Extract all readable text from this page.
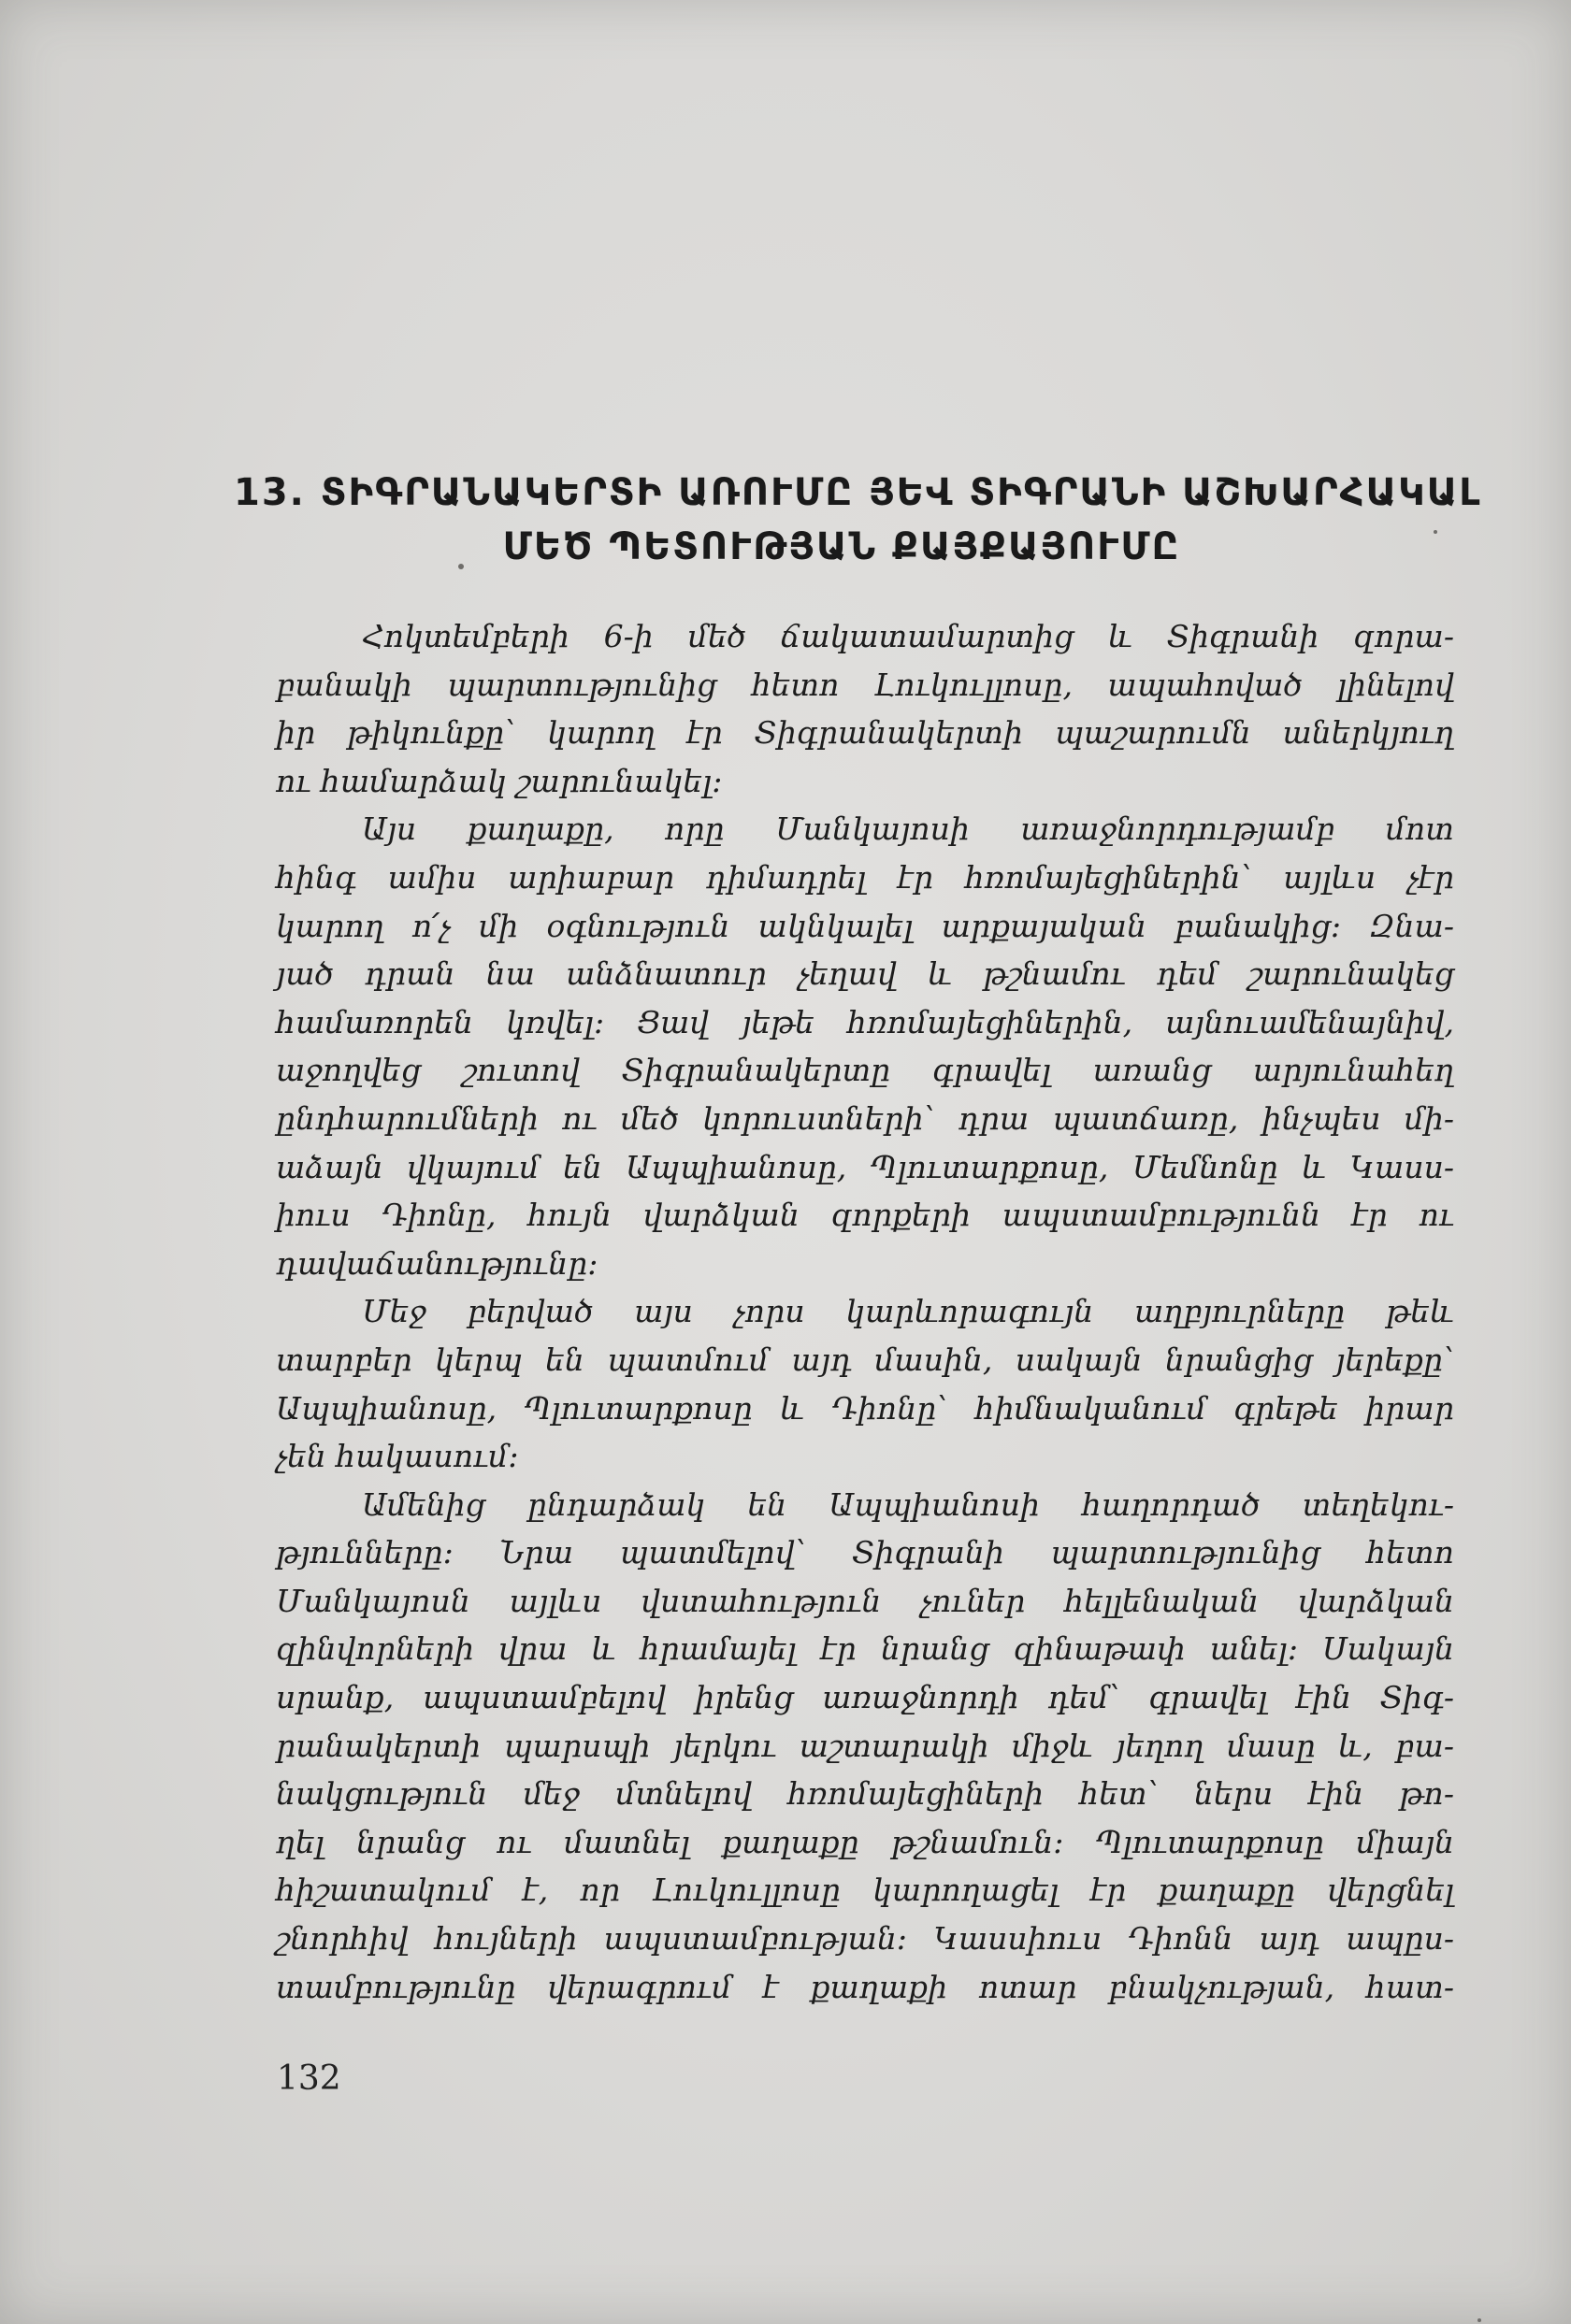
13. ՏԻԳՐԱՆԱԿԵՐՏԻ ԱՌՈՒՄԸ ՅԵՎ ՏԻԳՐԱՆԻ ԱՇԽԱՐՀԱԿԱԼ
ՄԵԾ ՊԵՏՈՒԹՅԱՆ ՔԱՅՔԱՅՈՒՄԸ
Հոկտեմբերի 6-ի մեծ ճակատամարտից և Տիգրանի զորա-
բանակի պարտությունից հետո Լուկուլլոսը, ապահոված լինելով
իր թիկունքը՝ կարող էր Տիգրանակերտի պաշարումն աներկյուղ
ու համարձակ շարունակել։
Այս քաղաքը, որը Մանկայոսի առաջնորդությամբ մոտ
հինգ ամիս արիաբար դիմադրել էր հռոմայեցիներին՝ այլևս չէր
կարող ո՛չ մի օգնություն ակնկալել արքայական բանակից։ Զնա-
յած դրան նա անձնատուր չեղավ և թշնամու դեմ շարունակեց
համառորեն կռվել։ Ցավ յեթե հռոմայեցիներին, այնուամենայնիվ,
աջողվեց շուտով Տիգրանակերտը գրավել առանց արյունահեղ
ընդհարումների ու մեծ կորուստների՝ դրա պատճառը, ինչպես մի-
աձայն վկայում են Ապպիանոսը, Պլուտարքոսը, Մեմնոնը և Կասս-
իուս Դիոնը, հույն վարձկան զորքերի ապստամբությունն էր ու
դավաճանությունը։
Մեջ բերված այս չորս կարևորագույն աղբյուրները թեև
տարբեր կերպ են պատմում այդ մասին, սակայն նրանցից յերեքը՝
Ապպիանոսը, Պլուտարքոսը և Դիոնը՝ հիմնականում գրեթե իրար
չեն հակասում։
Ամենից ընդարձակ են Ապպիանոսի հաղորդած տեղեկու-
թյունները։ Նրա պատմելով՝ Տիգրանի պարտությունից հետո
Մանկայոսն այլևս վստահություն չուներ հելլենական վարձկան
զինվորների վրա և հրամայել էր նրանց զինաթափ անել։ Սակայն
սրանք, ապստամբելով իրենց առաջնորդի դեմ՝ գրավել էին Տիգ-
րանակերտի պարսպի յերկու աշտարակի միջև յեղող մասը և, բա-
նակցություն մեջ մտնելով հռոմայեցիների հետ՝ ներս էին թո-
ղել նրանց ու մատնել քաղաքը թշնամուն։ Պլուտարքոսը միայն
հիշատակում է, որ Լուկուլլոսը կարողացել էր քաղաքը վերցնել
շնորհիվ հույների ապստամբության։ Կասսիուս Դիոնն այդ ապըս-
տամբությունը վերագրում է քաղաքի ոտար բնակչության, հատ-
132
